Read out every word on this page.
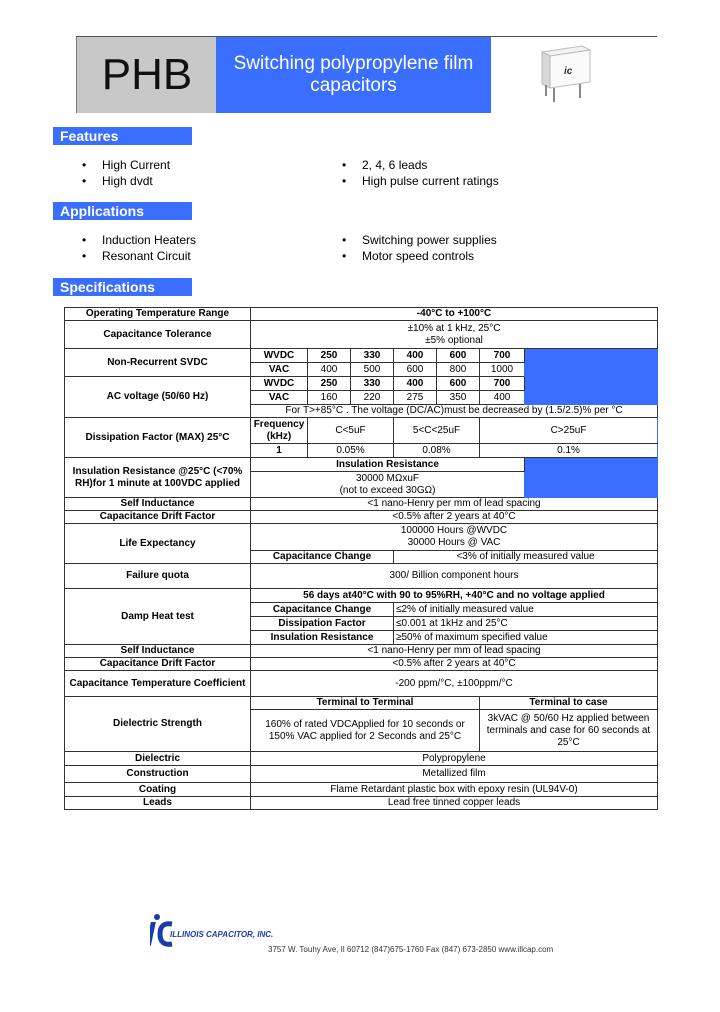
PHB	Switching polypropylene film
capacitors
ic
Features
• High Current
• High dvdt
• 2, 4, 6 leads
• High pulse current ratings
Applications
• Induction Heaters
• Resonant Circuit
• Switching power supplies
• Motor speed controls
Specifications
Operating Temperature Range	-40°C to +100°C							
Capacitance Tolerance	±10% at 1 kHz, 25°C
±5% optional							

Non-Recurrent SVDC	WVDC	250	330	400	600	700		
	VAC	400	500	600	800	1000		
AC voltage (50/60 Hz)	WVDC	250	330	400	600	700		
	VAC	160	220	275	350	400		
	For T>+85°C . The voltage (DC/AC)must be decreased by (1.5/2.5)% per °C							
Dissipation Factor (MAX) 25°C	Frequency (kHz)	C<5uF		5<C<25uF		C>25uF		
	1	0.05%		0.08%		0.1%		
Insulation Resistance @25°C (<70% RH)for 1 minute at 100VDC applied	Insulation Resistance							

	30000 MΩxuF
(not to exceed 30GΩ)							

Self Inductance	<1 nano-Henry per mm of lead spacing							
Capacitance Drift Factor	<0.5% after 2 years at 40°C							
Life Expectancy	100000 Hours @WVDC
30000 Hours @ VAC							

	Capacitance Change			<3% of initially measured value				
Failure quota	300/ Billion component hours							
Damp Heat test	56 days at40°C with 90 to 95%RH, +40°C and no voltage applied							
	Capacitance Change			≤2% of initially measured value				
	Dissipation Factor			≤0.001 at 1kHz and 25°C				
	Insulation Resistance			≥50% of maximum specified value				
Self Inductance	<1 nano-Henry per mm of lead spacing							
Capacitance Drift Factor	<0.5% after 2 years at 40°C							
Capacitance Temperature Coefficient	-200 ppm/°C, ±100ppm/°C							
Dielectric Strength	Terminal to Terminal					Terminal to case		
	160% of rated VDCApplied for 10 seconds or 150% VAC applied for 2 Seconds and 25°C					3kVAC @ 50/60 Hz applied between terminals and case for 60 seconds at 25°C		
Dielectric	Polypropylene							
Construction	Metallized film							
Coating	Flame Retardant plastic box with epoxy resin (UL94V-0)							
Leads	Lead free tinned copper leads							
ILLINOIS CAPACITOR, INC.
3757 W. Touhy Ave, Il 60712 (847)675-1760 Fax (847) 673-2850 www.illcap.com
